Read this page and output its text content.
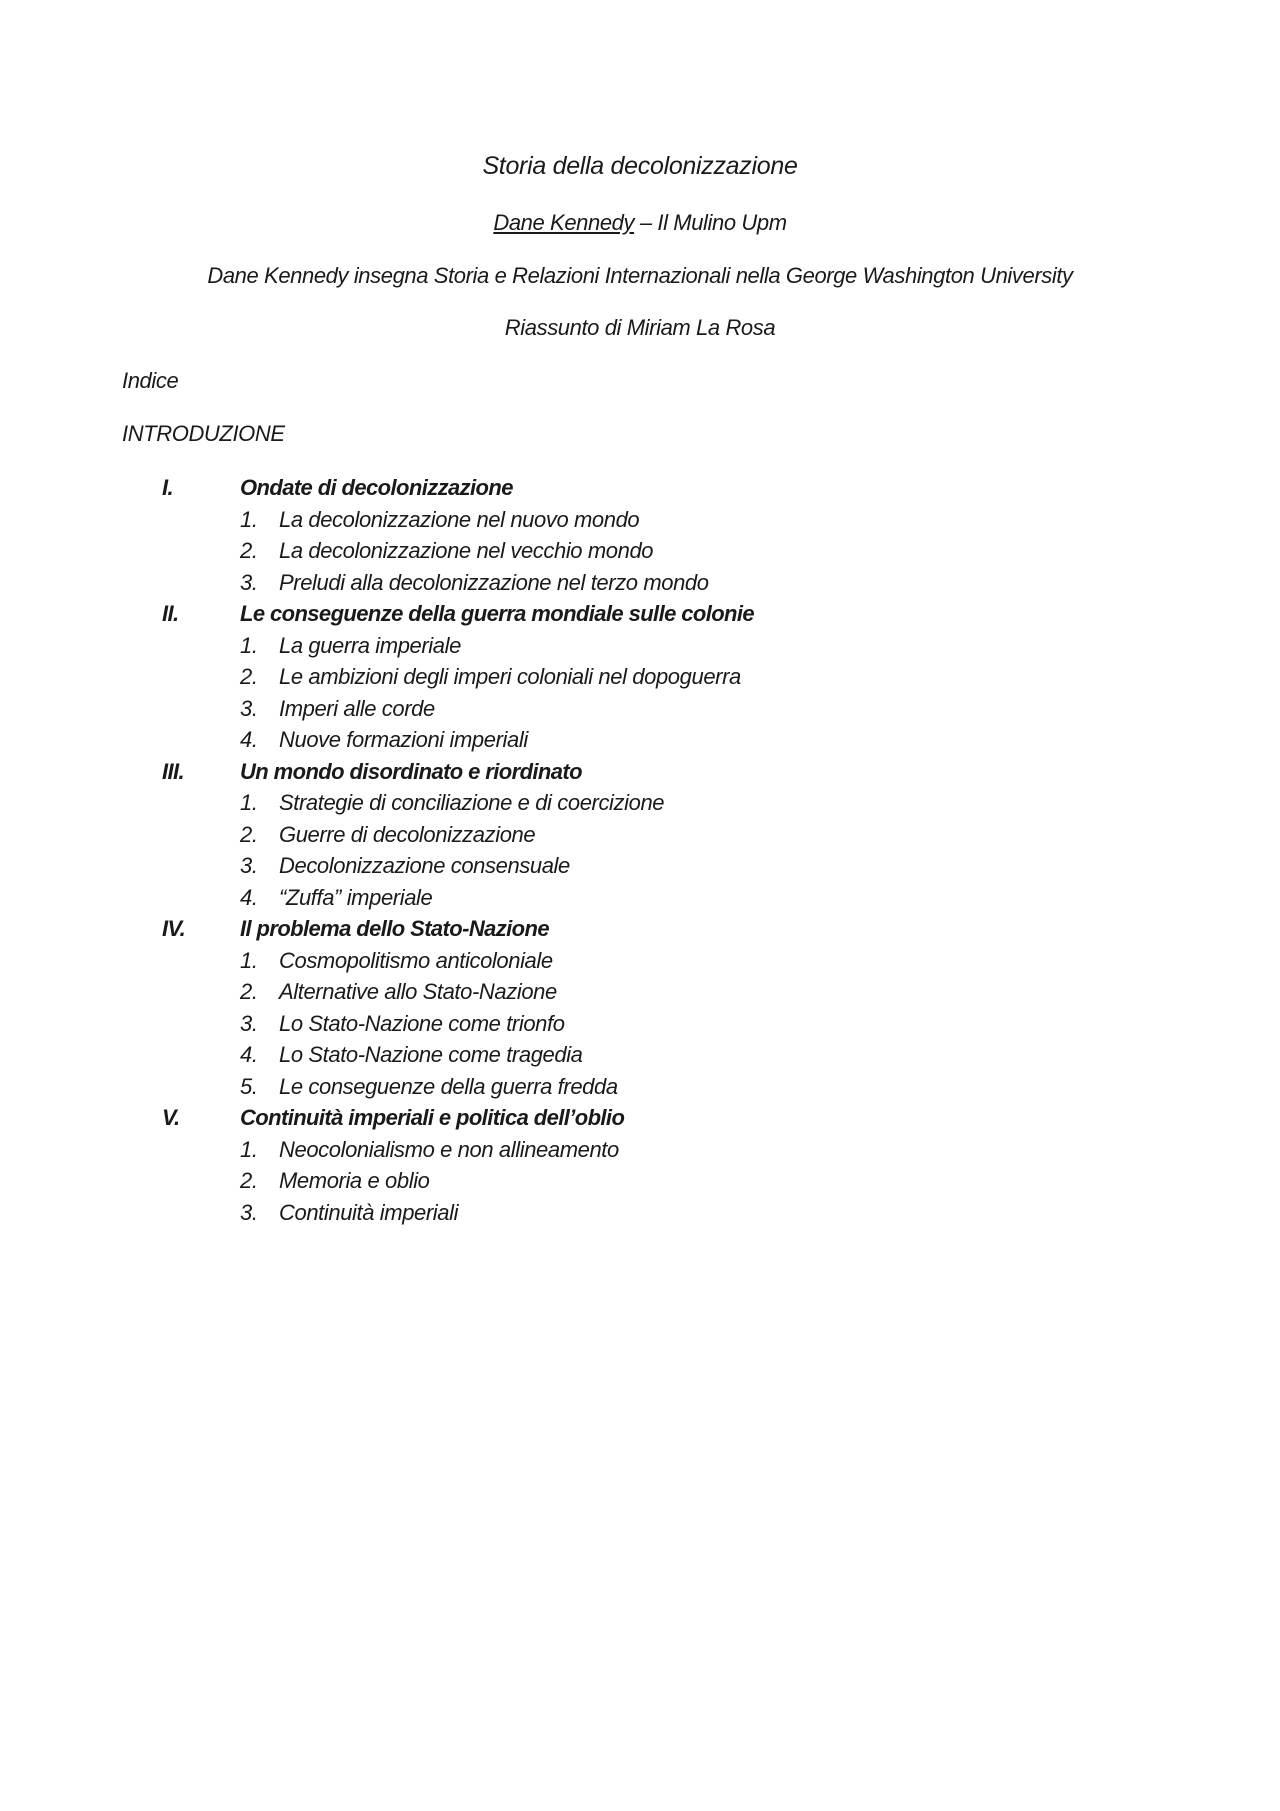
Storia della decolonizzazione
Dane Kennedy – Il Mulino Upm
Dane Kennedy insegna Storia e Relazioni Internazionali nella George Washington University
Riassunto di Miriam La Rosa
Indice
INTRODUZIONE
I.	Ondate di decolonizzazione
1. La decolonizzazione nel nuovo mondo
2. La decolonizzazione nel vecchio mondo
3. Preludi alla decolonizzazione nel terzo mondo
II.	Le conseguenze della guerra mondiale sulle colonie
1. La guerra imperiale
2. Le ambizioni degli imperi coloniali nel dopoguerra
3. Imperi alle corde
4. Nuove formazioni imperiali
III.	Un mondo disordinato e riordinato
1. Strategie di conciliazione e di coercizione
2. Guerre di decolonizzazione
3. Decolonizzazione consensuale
4. “Zuffa” imperiale
IV. Il problema dello Stato-Nazione
1. Cosmopolitismo anticoloniale
2. Alternative allo Stato-Nazione
3. Lo Stato-Nazione come trionfo
4. Lo Stato-Nazione come tragedia
5. Le conseguenze della guerra fredda
V.	Continuità imperiali e politica dell’oblio
1. Neocolonialismo e non allineamento
2. Memoria e oblio
3. Continuità imperiali
